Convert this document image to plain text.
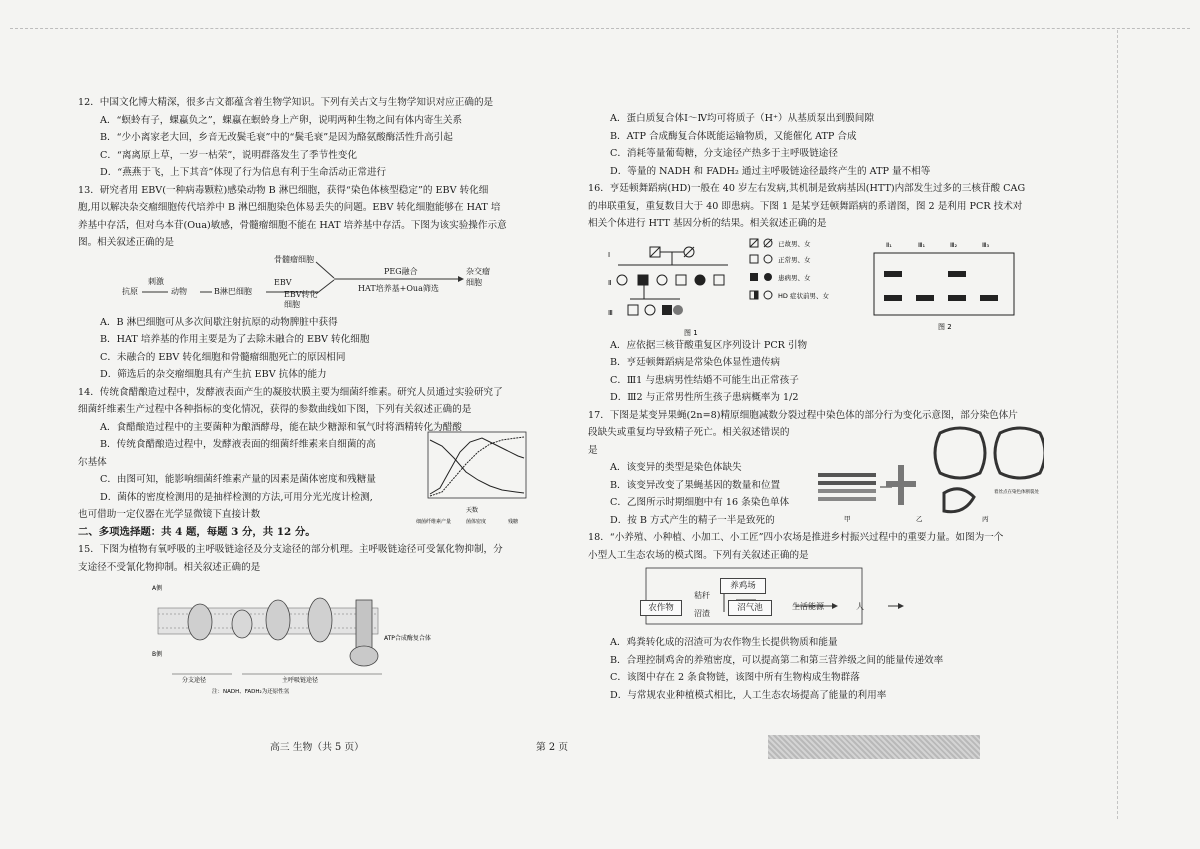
12．中国文化博大精深，很多古文都蕴含着生物学知识。下列有关古文与生物学知识对应正确的是
A．“螟蛉有子，蜾蠃负之”，蜾蠃在螟蛉身上产卵，说明两种生物之间有体内寄生关系
B．“少小离家老大回，乡音无改鬓毛衰”中的“鬓毛衰”是因为酪氨酸酶活性升高引起
C．“离离原上草，一岁一枯荣”，说明群落发生了季节性变化
D．“燕燕于飞，上下其音”体现了行为信息有利于生命活动正常进行
13．研究者用 EBV(一种病毒颗粒)感染动物 B 淋巴细胞，获得“染色体核型稳定”的 EBV 转化细
胞,用以解决杂交瘤细胞传代培养中 B 淋巴细胞染色体易丢失的问题。EBV 转化细胞能够在 HAT 培
养基中存活，但对乌本苷(Oua)敏感，骨髓瘤细胞不能在 HAT 培养基中存活。下图为该实验操作示意
图。相关叙述正确的是
骨髓瘤细胞
抗原
刺激
动物	B淋巴细胞
EBV
EBV转化细胞
PEG融合
HAT培养基+Oua筛选
杂交瘤细胞
A．B 淋巴细胞可从多次间歇注射抗原的动物脾脏中获得
B．HAT 培养基的作用主要是为了去除未融合的 EBV 转化细胞
C．未融合的 EBV 转化细胞和骨髓瘤细胞死亡的原因相同
D．筛选后的杂交瘤细胞具有产生抗 EBV 抗体的能力
14．传统食醋酿造过程中，发酵液表面产生的凝胶状膜主要为细菌纤维素。研究人员通过实验研究了
细菌纤维素生产过程中各种指标的变化情况，获得的参数曲线如下图，下列有关叙述正确的是
A．食醋酿造过程中的主要菌种为酿酒酵母，能在缺少糖源和氧气时将酒精转化为醋酸
B．传统食醋酿造过程中，发酵液表面的细菌纤维素来自细菌的高
尔基体
C．由图可知，能影响细菌纤维素产量的因素是菌体密度和残糖量
D．菌体的密度检测用的是抽样检测的方法,可用分光光度计检测,
也可借助一定仪器在光学显微镜下直接计数	天数
细菌纤维素产量	菌体密度	残糖
二、多项选择题：共 4 题，每题 3 分，共 12 分。
15．下图为植物有氧呼吸的主呼吸链途径及分支途径的部分机理。主呼吸链途径可受氰化物抑制，分
支途径不受氰化物抑制。相关叙述正确的是
A侧
B侧
分支途径	主呼吸链途径
ATP合成酶复合体
注：NADH、FADH₂为还原性氢
A．蛋白质复合体Ⅰ～Ⅳ均可将质子（H⁺）从基质泵出到膜间隙
B．ATP 合成酶复合体既能运输物质，又能催化 ATP 合成
C．消耗等量葡萄糖，分支途径产热多于主呼吸链途径
D．等量的 NADH 和 FADH₂ 通过主呼吸链途径最终产生的 ATP 量不相等
16．亨廷顿舞蹈病(HD)一般在 40 岁左右发病,其机制是致病基因(HTT)内部发生过多的三核苷酸 CAG
的串联重复，重复数目大于 40 即患病。下图 1 是某亨廷顿舞蹈病的系谱图，图 2 是利用 PCR 技术对
相关个体进行 HTT 基因分析的结果。相关叙述正确的是
Ⅰ
Ⅱ
Ⅲ
图 1
已故男、女
正常男、女
患病男、女
HD 症状前男、女
Ⅱ₁	Ⅲ₁	Ⅲ₂	Ⅲ₃
图 2
A．应依据三核苷酸重复区序列设计 PCR 引物
B．亨廷顿舞蹈病是常染色体显性遗传病
C．Ⅲ1 与患病男性结婚不可能生出正常孩子
D．Ⅲ2 与正常男性所生孩子患病概率为 1/2
17．下图是某变异果蝇(2n=8)精原细胞减数分裂过程中染色体的部分行为变化示意图，部分染色体片
段缺失或重复均导致精子死亡。相关叙述错误的
是
A．该变异的类型是染色体缺失
B．该变异改变了果蝇基因的数量和位置
C．乙图所示时期细胞中有 16 条染色单体
D．按 B 方式产生的精子一半是致死的	甲	乙	丙
着丝点在染色体断裂处
18．“小养殖、小种植、小加工、小工匠”四小农场是推进乡村振兴过程中的重要力量。如图为一个
小型人工生态农场的模式图。下列有关叙述正确的是
养鸡场
农作物	沼气池
秸秆
沼渣
生活能源	人
A．鸡粪转化成的沼渣可为农作物生长提供物质和能量
B．合理控制鸡舍的养殖密度，可以提高第二和第三营养级之间的能量传递效率
C．该图中存在 2 条食物链，该图中所有生物构成生物群落
D．与常规农业种植模式相比，人工生态农场提高了能量的利用率
高三 生物（共 5 页）	第 2 页
